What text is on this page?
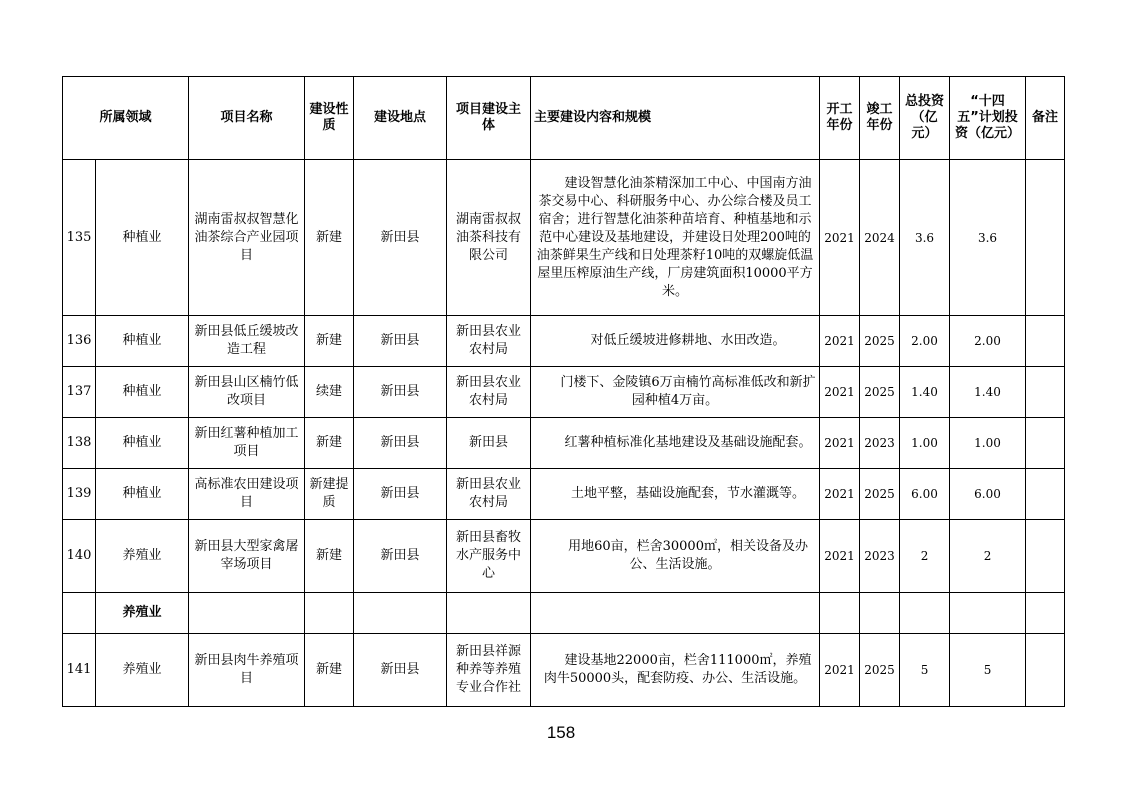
所属领域		项目名称	建设性质	建设地点	项目建设主体	主要建设内容和规模	开工年份	竣工年份	总投资（亿元）	“十四五”计划投资（亿元）	备注
135	种植业	湖南雷叔叔智慧化油茶综合产业园项目	新建	新田县	湖南雷叔叔油茶科技有限公司	建设智慧化油茶精深加工中心、中国南方油茶交易中心、科研服务中心、办公综合楼及员工宿舍；进行智慧化油茶种苗培育、种植基地和示范中心建设及基地建设，并建设日处理200吨的油茶鲜果生产线和日处理茶籽10吨的双螺旋低温屋里压榨原油生产线，厂房建筑面积10000平方米。	2021	2024	3.6	3.6	
136	种植业	新田县低丘缓坡改造工程	新建	新田县	新田县农业农村局	对低丘缓坡进修耕地、水田改造。	2021	2025	2.00	2.00	
137	种植业	新田县山区楠竹低改项目	续建	新田县	新田县农业农村局	门楼下、金陵镇6万亩楠竹高标准低改和新扩园种植4万亩。	2021	2025	1.40	1.40	
138	种植业	新田红薯种植加工项目	新建	新田县	新田县	红薯种植标准化基地建设及基础设施配套。	2021	2023	1.00	1.00	
139	种植业	高标准农田建设项目	新建提质	新田县	新田县农业农村局	土地平整，基础设施配套，节水灌溉等。	2021	2025	6.00	6.00	
140	养殖业	新田县大型家禽屠宰场项目	新建	新田县	新田县畜牧水产服务中心	用地60亩，栏舍30000㎡，相关设备及办公、生活设施。	2021	2023	2	2	
	养殖业										
141	养殖业	新田县肉牛养殖项目	新建	新田县	新田县祥源种养等养殖专业合作社	建设基地22000亩，栏舍111000㎡，养殖肉牛50000头，配套防疫、办公、生活设施。	2021	2025	5	5	
158
